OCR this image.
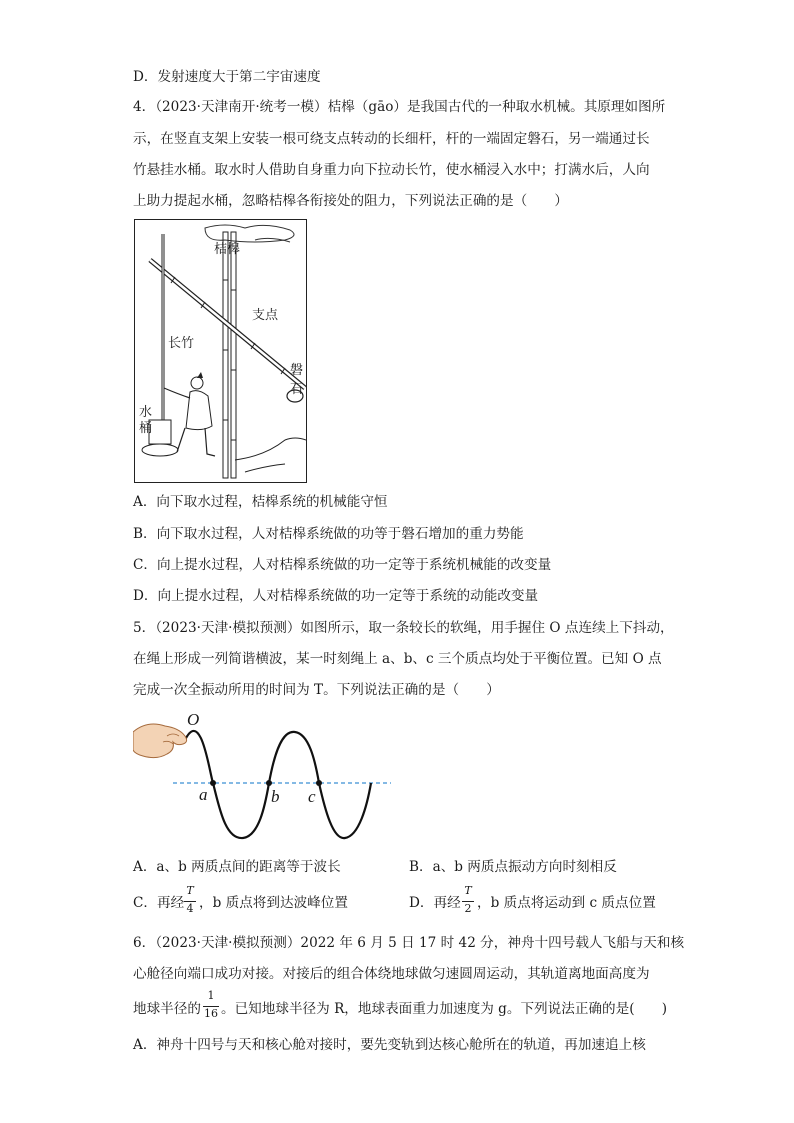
D．发射速度大于第二宇宙速度
4．（2023·天津南开·统考一模）桔槔（gāo）是我国古代的一种取水机械。其原理如图所
示，在竖直支架上安装一根可绕支点转动的长细杆，杆的一端固定磐石，另一端通过长
竹悬挂水桶。取水时人借助自身重力向下拉动长竹，使水桶浸入水中；打满水后，人向
上助力提起水桶，忽略桔槔各衔接处的阻力，下列说法正确的是（　　）
桔槔
支点
长竹
磐石
水
桶
A．向下取水过程，桔槔系统的机械能守恒
B．向下取水过程，人对桔槔系统做的功等于磐石增加的重力势能
C．向上提水过程，人对桔槔系统做的功一定等于系统机械能的改变量
D．向上提水过程，人对桔槔系统做的功一定等于系统的动能改变量
5．（2023·天津·模拟预测）如图所示，取一条较长的软绳，用手握住 O 点连续上下抖动，
在绳上形成一列简谐横波，某一时刻绳上 a、b、c 三个质点均处于平衡位置。已知 O 点
完成一次全振动所用的时间为 T。下列说法正确的是（　　）
O
a	b c
A．a、b 两质点间的距离等于波长	B．a、b 两质点振动方向时刻相反
C．再经
T
4 ，b 质点将到达波峰位置	D．再经
T
2 ，b 质点将运动到 c 质点位置
6．（2023·天津·模拟预测）2022 年 6 月 5 日 17 时 42 分，神舟十四号载人飞船与天和核
心舱径向端口成功对接。对接后的组合体绕地球做匀速圆周运动，其轨道离地面高度为
地球半径的
1
16 。已知地球半径为 R，地球表面重力加速度为 g。下列说法正确的是(　　)
A．神舟十四号与天和核心舱对接时，要先变轨到达核心舱所在的轨道，再加速追上核
